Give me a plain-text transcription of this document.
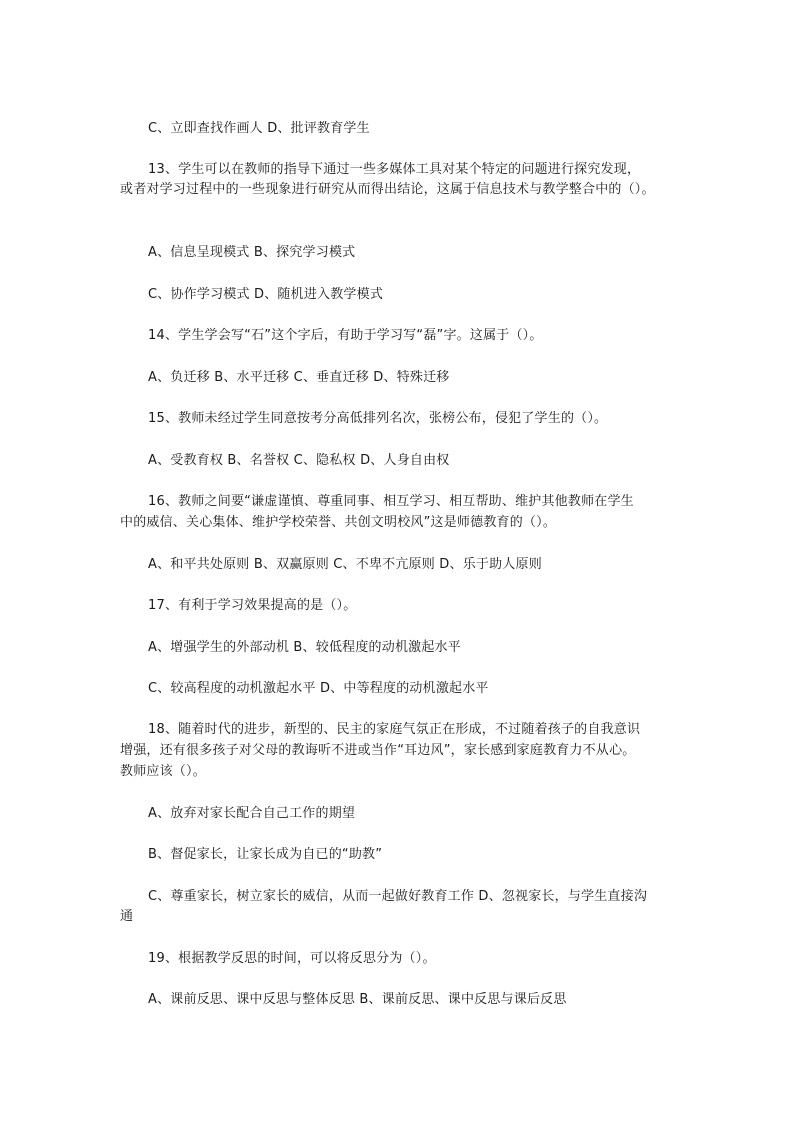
C、立即查找作画人 D、批评教育学生
13、学生可以在教师的指导下通过一些多媒体工具对某个特定的问题进行探究发现，
或者对学习过程中的一些现象进行研究从而得出结论，这属于信息技术与教学整合中的（）。
A、信息呈现模式 B、探究学习模式
C、协作学习模式 D、随机进入教学模式
14、学生学会写“石”这个字后，有助于学习写“磊”字。这属于（）。
A、负迁移 B、水平迁移 C、垂直迁移 D、特殊迁移
15、教师未经过学生同意按考分高低排列名次，张榜公布，侵犯了学生的（）。
A、受教育权 B、名誉权 C、隐私权 D、人身自由权
16、教师之间要“谦虚谨慎、尊重同事、相互学习、相互帮助、维护其他教师在学生
中的威信、关心集体、维护学校荣誉、共创文明校风”这是师德教育的（）。
A、和平共处原则 B、双赢原则 C、不卑不亢原则 D、乐于助人原则
17、有利于学习效果提高的是（）。
A、增强学生的外部动机 B、较低程度的动机激起水平
C、较高程度的动机激起水平 D、中等程度的动机激起水平
18、随着时代的进步，新型的、民主的家庭气氛正在形成，不过随着孩子的自我意识
增强，还有很多孩子对父母的教诲听不进或当作“耳边风”，家长感到家庭教育力不从心。
教师应该（）。
A、放弃对家长配合自己工作的期望
B、督促家长，让家长成为自已的“助教”
C、尊重家长，树立家长的威信，从而一起做好教育工作 D、忽视家长，与学生直接沟
通
19、根据教学反思的时间，可以将反思分为（）。
A、课前反思、课中反思与整体反思 B、课前反思、课中反思与课后反思
